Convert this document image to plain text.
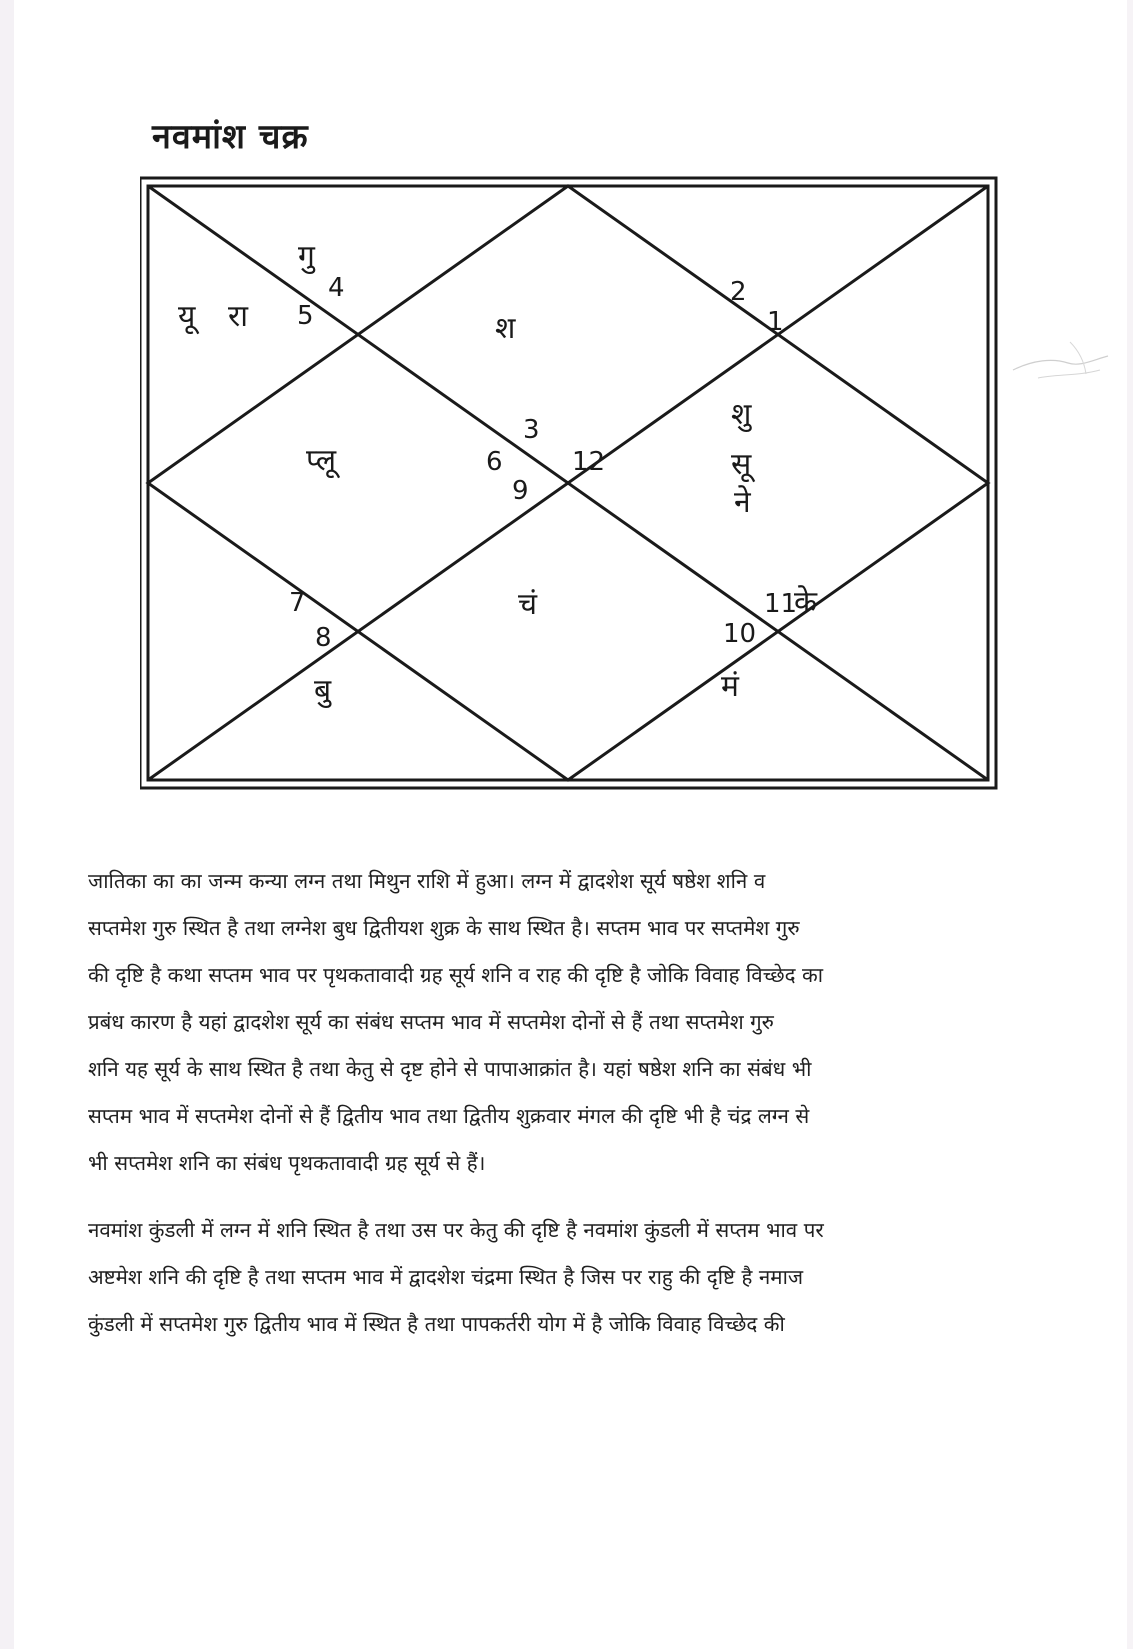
नवमांश चक्र
2
1
4
5
3
6	12
9
7
8	10
11
गु
यू रा	श
प्लू
शु
सू
ने
के
चं
बु	मं
जातिका का का जन्म कन्या लग्न तथा मिथुन राशि में हुआ। लग्न में द्वादशेश सूर्य षष्ठेश शनि व
सप्तमेश गुरु स्थित है तथा लग्नेश बुध द्वितीयश शुक्र के साथ स्थित है। सप्तम भाव पर सप्तमेश गुरु
की दृष्टि है कथा सप्तम भाव पर पृथकतावादी ग्रह सूर्य शनि व राह की दृष्टि है जोकि विवाह विच्छेद का
प्रबंध कारण है यहां द्वादशेश सूर्य का संबंध सप्तम भाव में सप्तमेश दोनों से हैं तथा सप्तमेश गुरु
शनि यह सूर्य के साथ स्थित है तथा केतु से दृष्ट होने से पापाआक्रांत है। यहां षष्ठेश शनि का संबंध भी
सप्तम भाव में सप्तमेश दोनों से हैं द्वितीय भाव तथा द्वितीय शुक्रवार मंगल की दृष्टि भी है चंद्र लग्न से
भी सप्तमेश शनि का संबंध पृथकतावादी ग्रह सूर्य से हैं।
नवमांश कुंडली में लग्न में शनि स्थित है तथा उस पर केतु की दृष्टि है नवमांश कुंडली में सप्तम भाव पर
अष्टमेश शनि की दृष्टि है तथा सप्तम भाव में द्वादशेश चंद्रमा स्थित है जिस पर राहु की दृष्टि है नमाज
कुंडली में सप्तमेश गुरु द्वितीय भाव में स्थित है तथा पापकर्तरी योग में है जोकि विवाह विच्छेद की
